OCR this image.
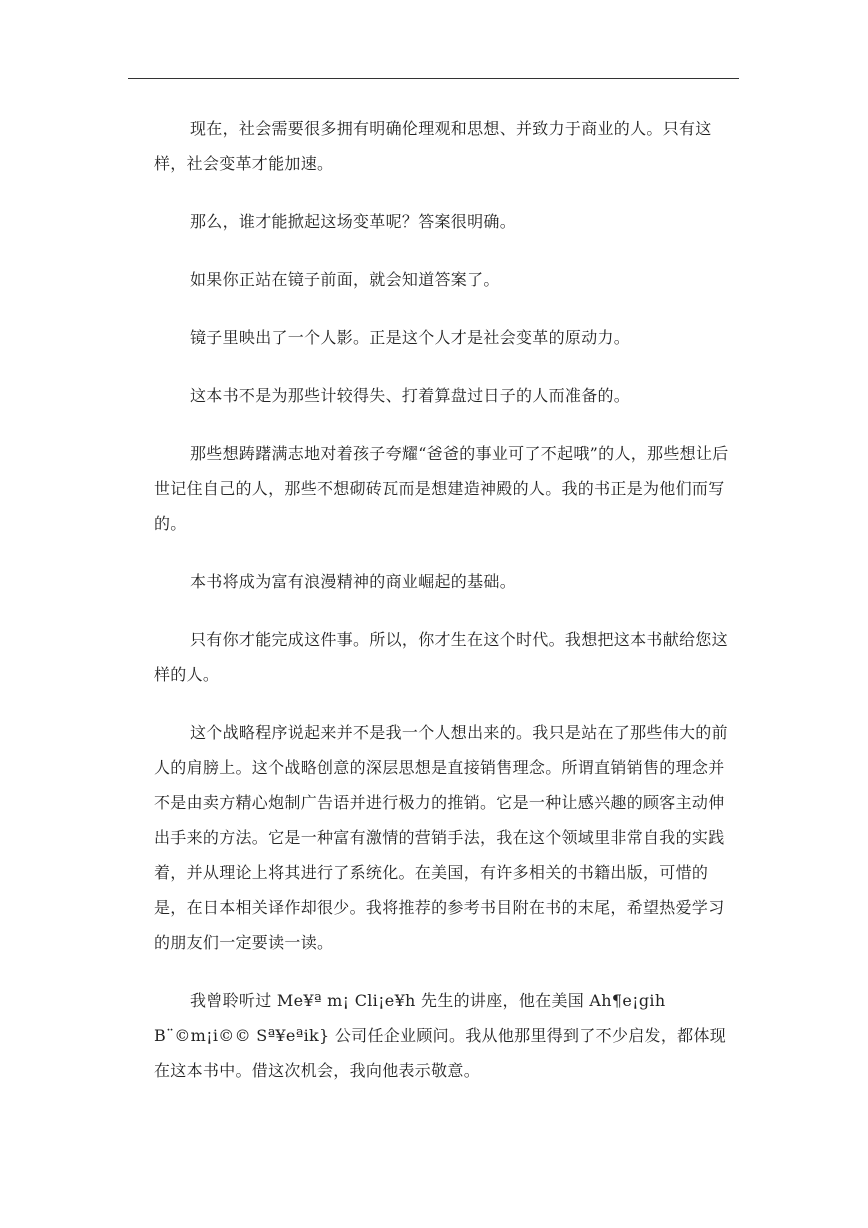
现在，社会需要很多拥有明确伦理观和思想、并致力于商业的人。只有这样，社会变革才能加速。

那么，谁才能掀起这场变革呢？答案很明确。

如果你正站在镜子前面，就会知道答案了。

镜子里映出了一个人影。正是这个人才是社会变革的原动力。

这本书不是为那些计较得失、打着算盘过日子的人而准备的。

那些想踌躇满志地对着孩子夸耀“爸爸的事业可了不起哦”的人，那些想让后世记住自己的人，那些不想砌砖瓦而是想建造神殿的人。我的书正是为他们而写的。

本书将成为富有浪漫精神的商业崛起的基础。

只有你才能完成这件事。所以，你才生在这个时代。我想把这本书献给您这样的人。

这个战略程序说起来并不是我一个人想出来的。我只是站在了那些伟大的前人的肩膀上。这个战略创意的深层思想是直接销售理念。所谓直销销售的理念并不是由卖方精心炮制广告语并进行极力的推销。它是一种让感兴趣的顾客主动伸出手来的方法。它是一种富有激情的营销手法，我在这个领域里非常自我的实践着，并从理论上将其进行了系统化。在美国，有许多相关的书籍出版，可惜的是，在日本相关译作却很少。我将推荐的参考书目附在书的末尾，希望热爱学习的朋友们一定要读一读。

我曾聆听过 Me¥ª m¡ Cli¡e¥h 先生的讲座，他在美国 Ah¶e¡gih B¨©m¡i©© Sª¥eªik} 公司任企业顾问。我从他那里得到了不少启发，都体现在这本书中。借这次机会，我向他表示敬意。
